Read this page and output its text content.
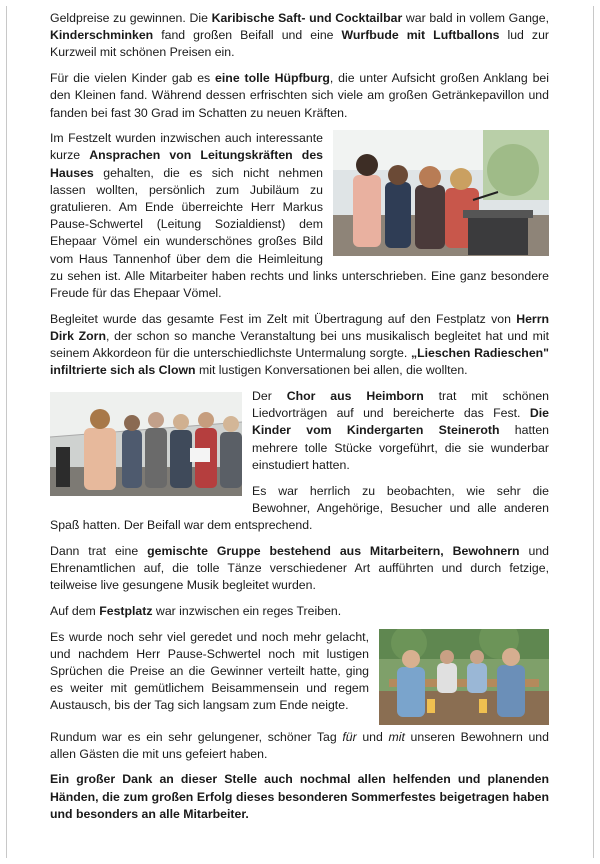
Geldpreise zu gewinnen. Die Karibische Saft- und Cocktailbar war bald in vollem Gange, Kinderschminken fand großen Beifall und eine Wurfbude mit Luftballons lud zur Kurzweil mit schönen Preisen ein.

Für die vielen Kinder gab es eine tolle Hüpfburg, die unter Aufsicht großen Anklang bei den Kleinen fand. Während dessen erfrischten sich viele am großen Getränkepavillon und fanden bei fast 30 Grad im Schatten zu neuen Kräften.

Im Festzelt wurden inzwischen auch interessante kurze Ansprachen von Leitungskräften des Hauses gehalten, die es sich nicht nehmen lassen wollten, persönlich zum Jubiläum zu gratulieren. Am Ende überreichte Herr Markus Pause-Schwertel (Leitung Sozialdienst) dem Ehepaar Vömel ein wunderschönes großes Bild vom Haus Tannenhof über dem die Heimleitung zu sehen ist. Alle Mitarbeiter haben rechts und links unterschrieben. Eine ganz besondere Freude für das Ehepaar Vömel.

Begleitet wurde das gesamte Fest im Zelt mit Übertragung auf den Festplatz von Herrn Dirk Zorn, der schon so manche Veranstaltung bei uns musikalisch begleitet hat und mit seinem Akkordeon für die unterschiedlichste Untermalung sorgte. „Lieschen Radieschen" infiltrierte sich als Clown mit lustigen Konversationen bei allen, die wollten.

Der Chor aus Heimborn trat mit schönen Liedvorträgen auf und bereicherte das Fest. Die Kinder vom Kindergarten Steineroth hatten mehrere tolle Stücke vorgeführt, die sie wunderbar einstudiert hatten.

Es war herrlich zu beobachten, wie sehr die Bewohner, Angehörige, Besucher und alle anderen Spaß hatten. Der Beifall war dem entsprechend.

Dann trat eine gemischte Gruppe bestehend aus Mitarbeitern, Bewohnern und Ehrenamtlichen auf, die tolle Tänze verschiedener Art aufführten und durch fetzige, teilweise live gesungene Musik begleitet wurden.

Auf dem Festplatz war inzwischen ein reges Treiben.

Es wurde noch sehr viel geredet und noch mehr gelacht, und nachdem Herr Pause-Schwertel noch mit lustigen Sprüchen die Preise an die Gewinner verteilt hatte, ging es weiter mit gemütlichem Beisammensein und regem Austausch, bis der Tag sich langsam zum Ende neigte.

Rundum war es ein sehr gelungener, schöner Tag für und mit unseren Bewohnern und allen Gästen die mit uns gefeiert haben.

Ein großer Dank an dieser Stelle auch nochmal allen helfenden und planenden Händen, die zum großen Erfolg dieses besonderen Sommerfestes beigetragen haben und besonders an alle Mitarbeiter.
